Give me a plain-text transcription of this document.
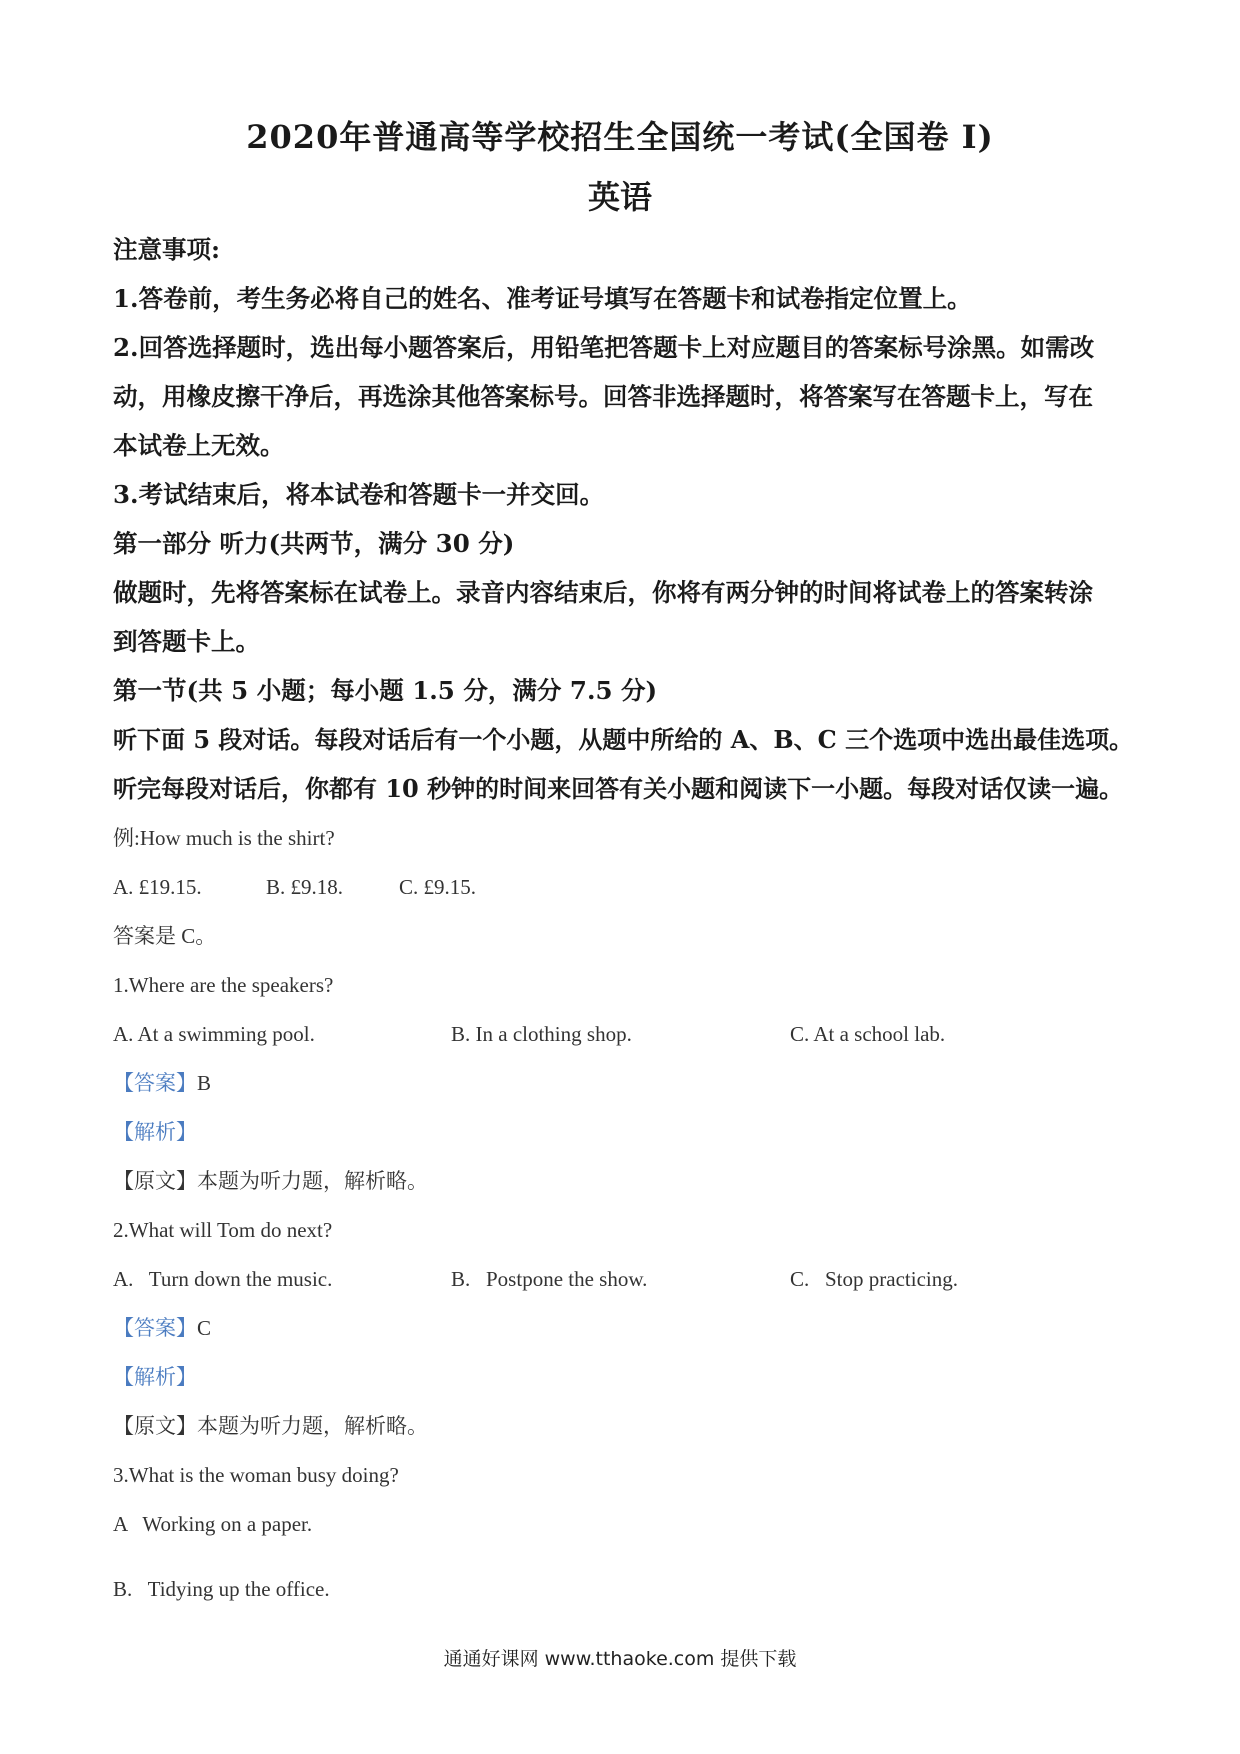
2020年普通高等学校招生全国统一考试(全国卷 I)
英语
注意事项:
1.答卷前，考生务必将自己的姓名、准考证号填写在答题卡和试卷指定位置上。
2.回答选择题时，选出每小题答案后，用铅笔把答题卡上对应题目的答案标号涂黑。如需改
动，用橡皮擦干净后，再选涂其他答案标号。回答非选择题时，将答案写在答题卡上，写在
本试卷上无效。
3.考试结束后，将本试卷和答题卡一并交回。
第一部分 听力(共两节，满分 30 分)
做题时，先将答案标在试卷上。录音内容结束后，你将有两分钟的时间将试卷上的答案转涂
到答题卡上。
第一节(共 5 小题；每小题 1.5 分，满分 7.5 分)
听下面 5 段对话。每段对话后有一个小题，从题中所给的 A、B、C 三个选项中选出最佳选项。
听完每段对话后，你都有 10 秒钟的时间来回答有关小题和阅读下一小题。每段对话仅读一遍。
例:How much is the shirt?
A. £19.15.	B. £9.18.	C. £9.15.
答案是 C。
1.Where are the speakers?
A. At a swimming pool.	B. In a clothing shop.	C. At a school lab.
【答案】B
【解析】
【原文】本题为听力题，解析略。
2.What will Tom do next?
A.   Turn down the music.	B.   Postpone the show.	C.   Stop practicing.
【答案】C
【解析】
【原文】本题为听力题，解析略。
3.What is the woman busy doing?
A   Working on a paper.
B.   Tidying up the office.
通通好课网 www.tthaoke.com 提供下载
